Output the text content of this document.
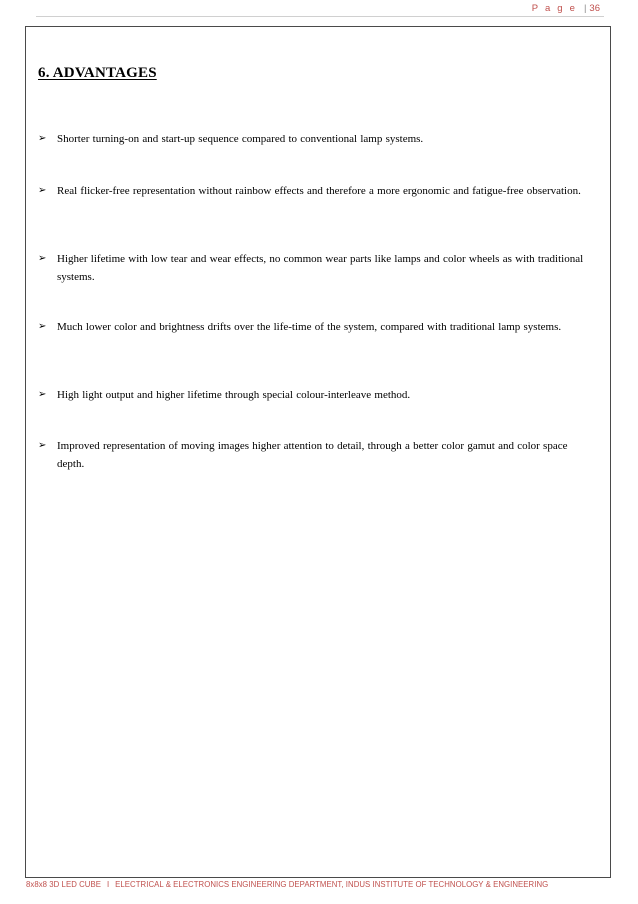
P a g e | 36
6. ADVANTAGES
➢ Shorter turning-on and start-up sequence compared to conventional lamp systems.
➢ Real flicker-free representation without rainbow effects and therefore a more ergonomic and fatigue-free observation.
➢ Higher lifetime with low tear and wear effects, no common wear parts like lamps and color wheels as with traditional systems.
➢ Much lower color and brightness drifts over the life-time of the system, compared with traditional lamp systems.
➢ High light output and higher lifetime through special colour-interleave method.
➢ Improved representation of moving images higher attention to detail, through a better color gamut and color space depth.
8x8x8 3D LED CUBE I ELECTRICAL & ELECTRONICS ENGINEERING DEPARTMENT, INDUS INSTITUTE OF TECHNOLOGY & ENGINEERING
